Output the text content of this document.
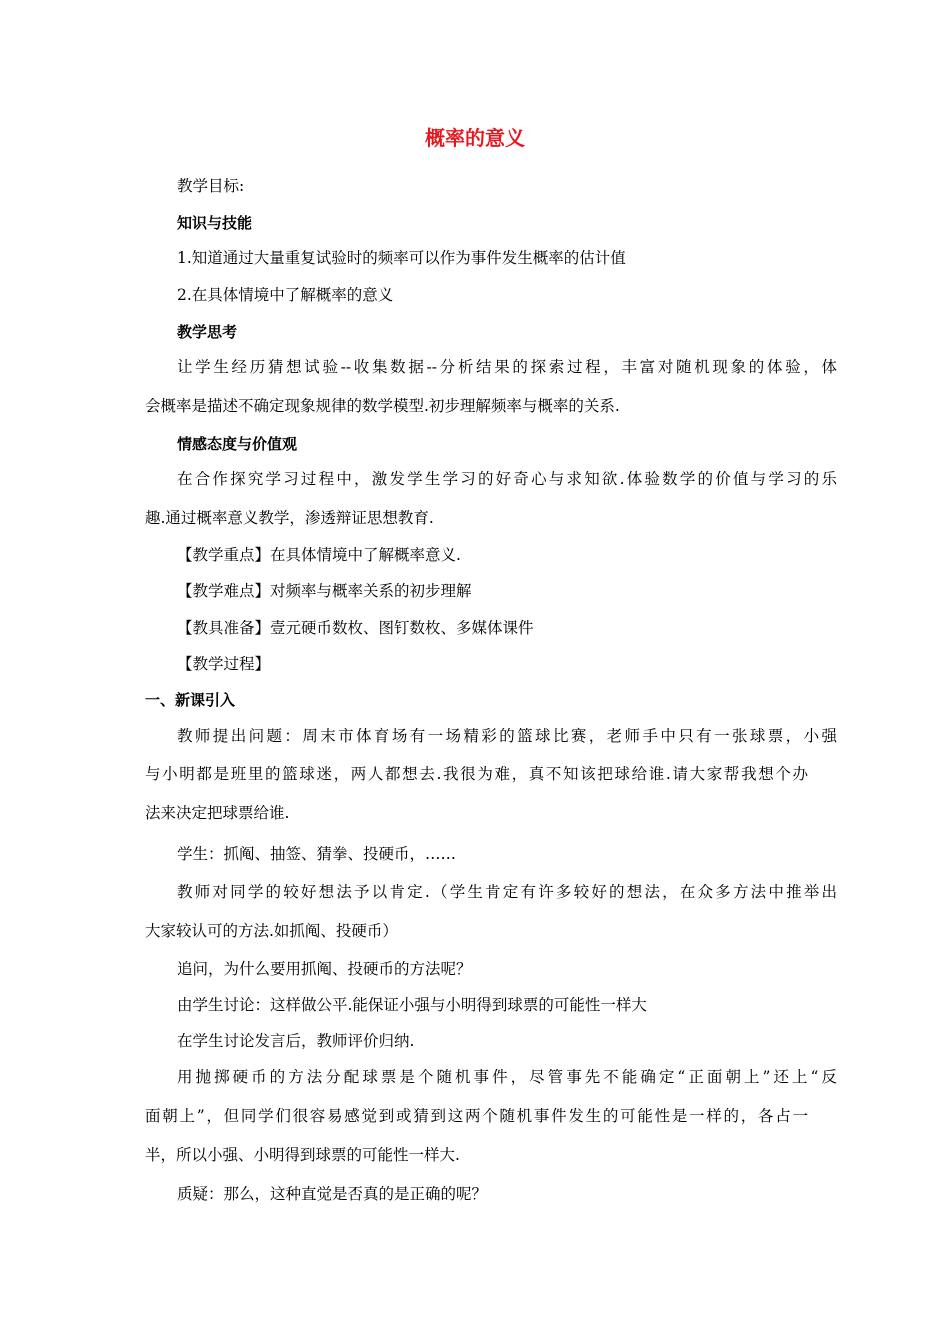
概率的意义
教学目标:
知识与技能
1.知道通过大量重复试验时的频率可以作为事件发生概率的估计值
2.在具体情境中了解概率的意义
教学思考
让学生经历猜想试验--收集数据--分析结果的探索过程，丰富对随机现象的体验，体
会概率是描述不确定现象规律的数学模型.初步理解频率与概率的关系.
情感态度与价值观
在合作探究学习过程中，激发学生学习的好奇心与求知欲.体验数学的价值与学习的乐
趣.通过概率意义教学，渗透辩证思想教育.
【教学重点】在具体情境中了解概率意义.
【教学难点】对频率与概率关系的初步理解
【教具准备】壹元硬币数枚、图钉数枚、多媒体课件
【教学过程】
一、新课引入
教师提出问题：周末市体育场有一场精彩的篮球比赛，老师手中只有一张球票，小强
与小明都是班里的篮球迷，两人都想去.我很为难，真不知该把球给谁.请大家帮我想个办
法来决定把球票给谁.
学生：抓阄、抽签、猜拳、投硬币，……
教师对同学的较好想法予以肯定.（学生肯定有许多较好的想法，在众多方法中推举出
大家较认可的方法.如抓阄、投硬币）
追问，为什么要用抓阄、投硬币的方法呢？
由学生讨论：这样做公平.能保证小强与小明得到球票的可能性一样大
在学生讨论发言后，教师评价归纳.
用抛掷硬币的方法分配球票是个随机事件，尽管事先不能确定“正面朝上”还上“反
面朝上”，但同学们很容易感觉到或猜到这两个随机事件发生的可能性是一样的，各占一
半，所以小强、小明得到球票的可能性一样大.
质疑：那么，这种直觉是否真的是正确的呢？
